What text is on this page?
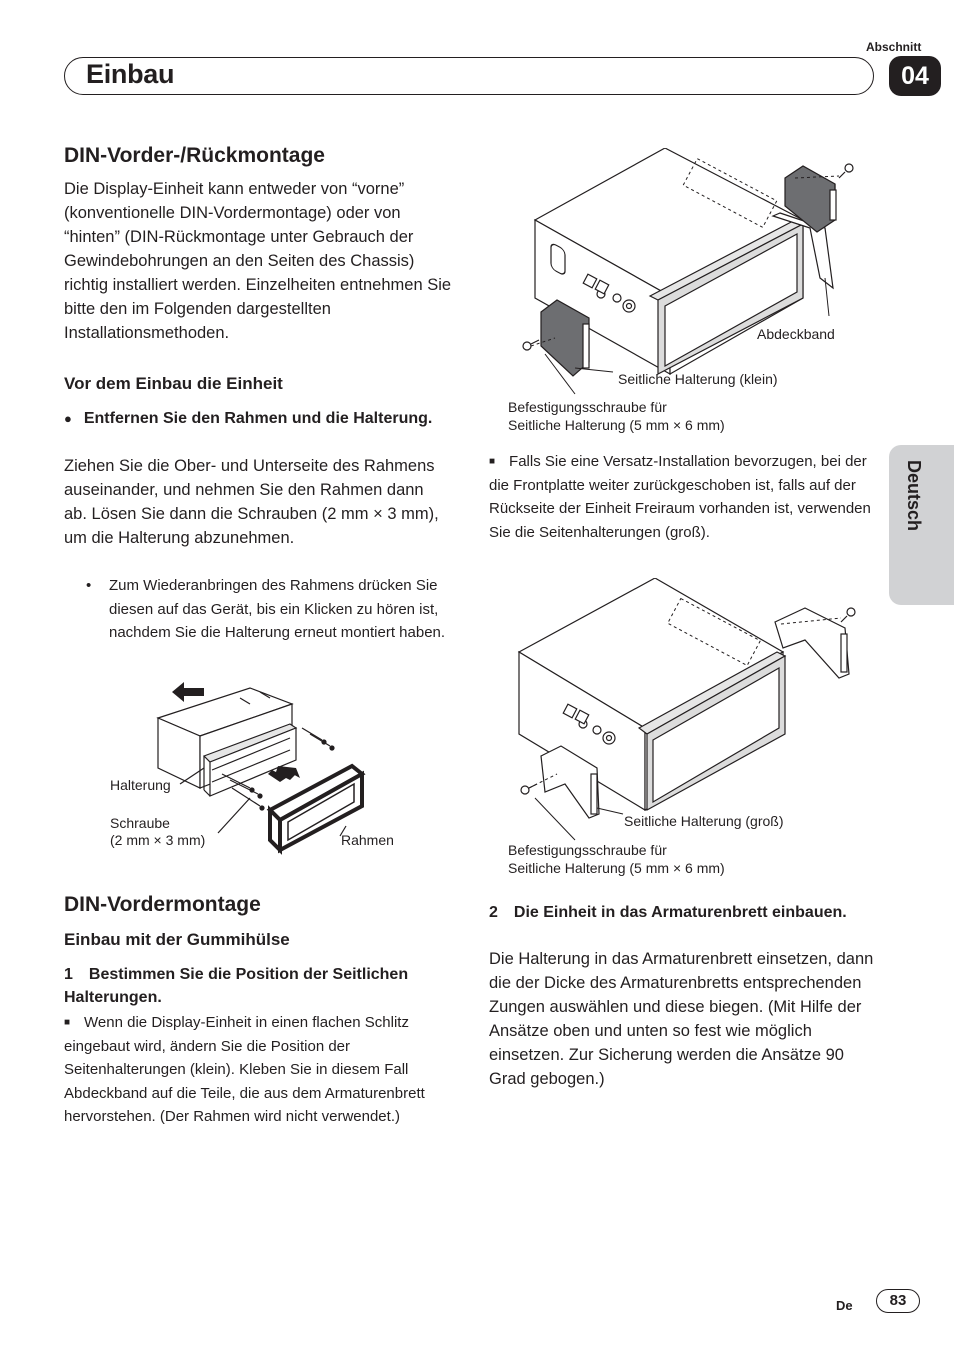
Einbau
Abschnitt
04
Deutsch
DIN-Vorder-/Rückmontage
Die Display-Einheit kann entweder von “vorne” (konventionelle DIN-Vordermontage) oder von “hinten” (DIN-Rückmontage unter Gebrauch der Gewindebohrungen an den Seiten des Chassis) richtig installiert werden. Einzelheiten entnehmen Sie bitte den im Folgenden dargestellten Installationsmethoden.
Vor dem Einbau die Einheit
● Entfernen Sie den Rahmen und die Halterung.
Ziehen Sie die Ober- und Unterseite des Rahmens auseinander, und nehmen Sie den Rahmen dann ab. Lösen Sie dann die Schrauben (2 mm × 3 mm), um die Halterung abzunehmen.
• Zum Wiederanbringen des Rahmens drücken Sie diesen auf das Gerät, bis ein Klicken zu hören ist, nachdem Sie die Halterung erneut montiert haben.
Halterung
Schraube
(2 mm × 3 mm)	Rahmen
DIN-Vordermontage
Einbau mit der Gummihülse
1 Bestimmen Sie die Position der Seitlichen Halterungen.
■ Wenn die Display-Einheit in einen flachen Schlitz eingebaut wird, ändern Sie die Position der Seitenhalterungen (klein). Kleben Sie in diesem Fall Abdeckband auf die Teile, die aus dem Armaturenbrett hervorstehen. (Der Rahmen wird nicht verwendet.)
Abdeckband
Seitliche Halterung (klein)
Befestigungsschraube für
Seitliche Halterung (5 mm × 6 mm)
■ Falls Sie eine Versatz-Installation bevorzugen, bei der die Frontplatte weiter zurückgeschoben ist, falls auf der Rückseite der Einheit Freiraum vorhanden ist, verwenden Sie die Seitenhalterungen (groß).
Seitliche Halterung (groß)
Befestigungsschraube für
Seitliche Halterung (5 mm × 6 mm)
2 Die Einheit in das Armaturenbrett einbauen.
Die Halterung in das Armaturenbrett einsetzen, dann die der Dicke des Armaturenbretts entsprechenden Zungen auswählen und diese biegen. (Mit Hilfe der Ansätze oben und unten so fest wie möglich einsetzen. Zur Sicherung werden die Ansätze 90 Grad gebogen.)
De	83
